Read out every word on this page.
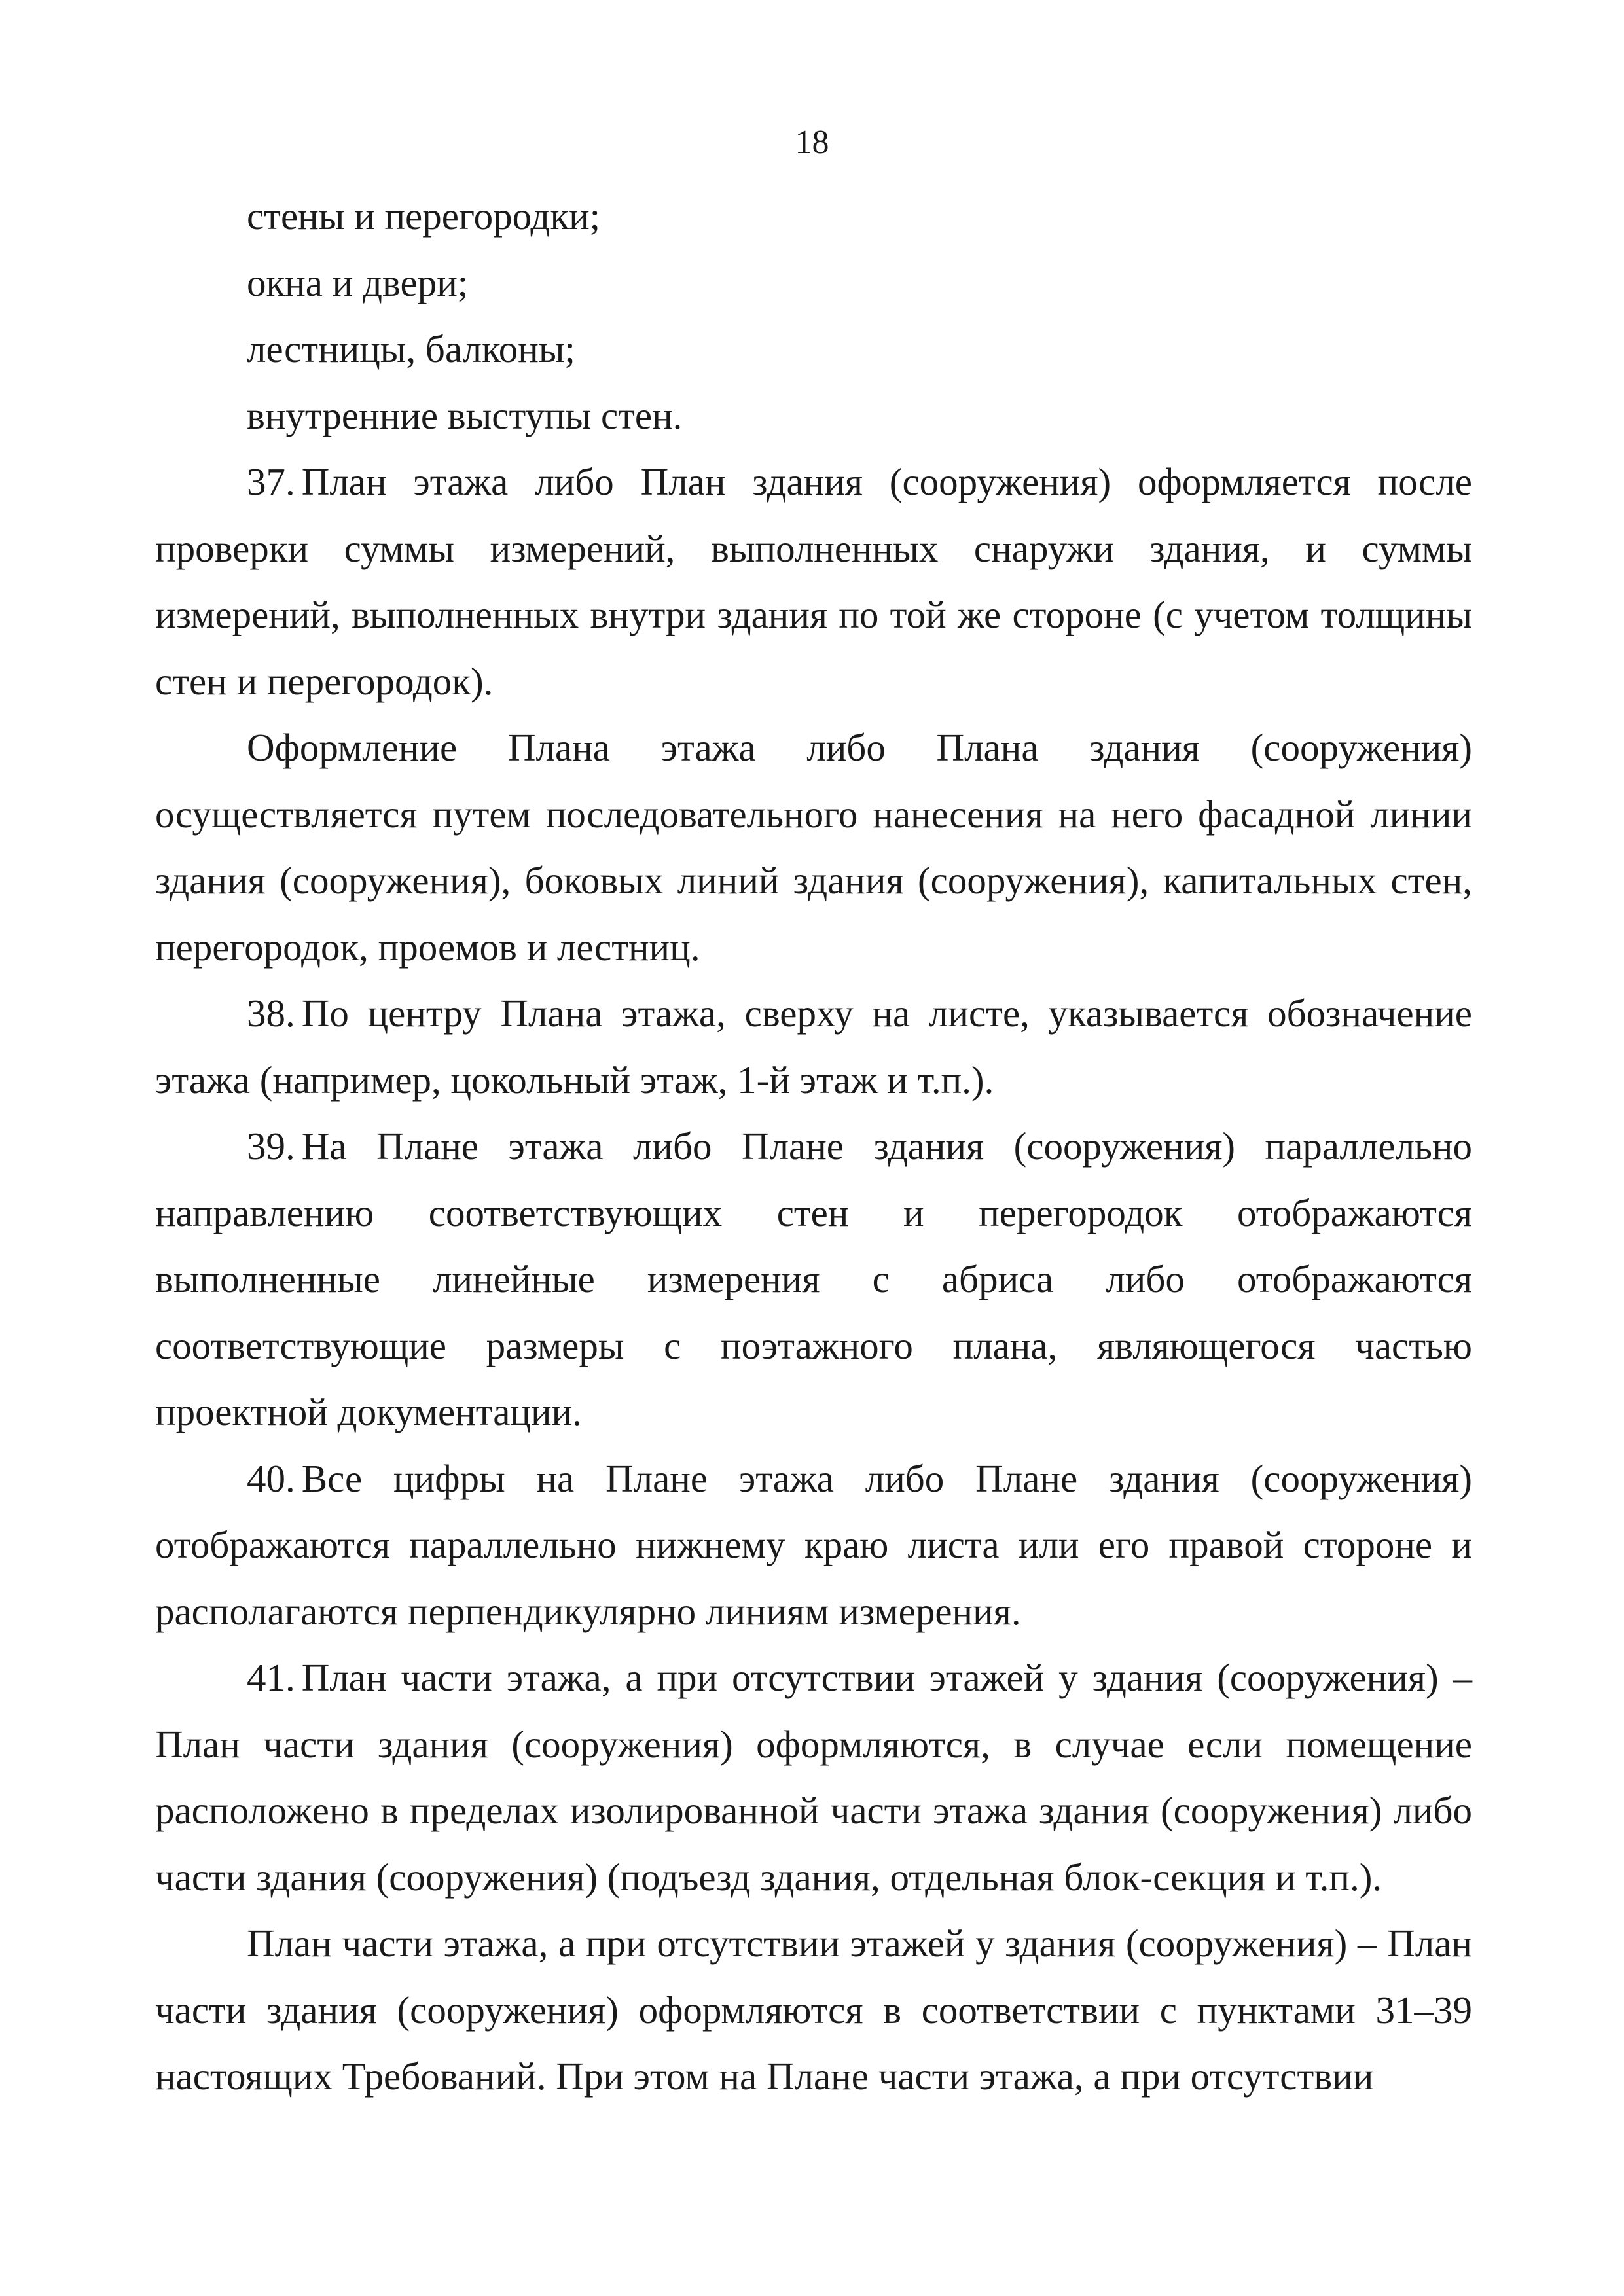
18

стены и перегородки;

окна и двери;

лестницы, балконы;

внутренние выступы стен.

37. План этажа либо План здания (сооружения) оформляется после проверки суммы измерений, выполненных снаружи здания, и суммы измерений, выполненных внутри здания по той же стороне (с учетом толщины стен и перегородок).

Оформление Плана этажа либо Плана здания (сооружения) осуществляется путем последовательного нанесения на него фасадной линии здания (сооружения), боковых линий здания (сооружения), капитальных стен, перегородок, проемов и лестниц.

38. По центру Плана этажа, сверху на листе, указывается обозначение этажа (например, цокольный этаж, 1-й этаж и т.п.).

39. На Плане этажа либо Плане здания (сооружения) параллельно направлению соответствующих стен и перегородок отображаются выполненные линейные измерения с абриса либо отображаются соответствующие размеры с поэтажного плана, являющегося частью проектной документации.

40. Все цифры на Плане этажа либо Плане здания (сооружения) отображаются параллельно нижнему краю листа или его правой стороне и располагаются перпендикулярно линиям измерения.

41. План части этажа, а при отсутствии этажей у здания (сооружения) – План части здания (сооружения) оформляются, в случае если помещение расположено в пределах изолированной части этажа здания (сооружения) либо части здания (сооружения) (подъезд здания, отдельная блок-секция и т.п.).

План части этажа, а при отсутствии этажей у здания (сооружения) – План части здания (сооружения) оформляются в соответствии с пунктами 31–39 настоящих Требований. При этом на Плане части этажа, а при отсутствии
